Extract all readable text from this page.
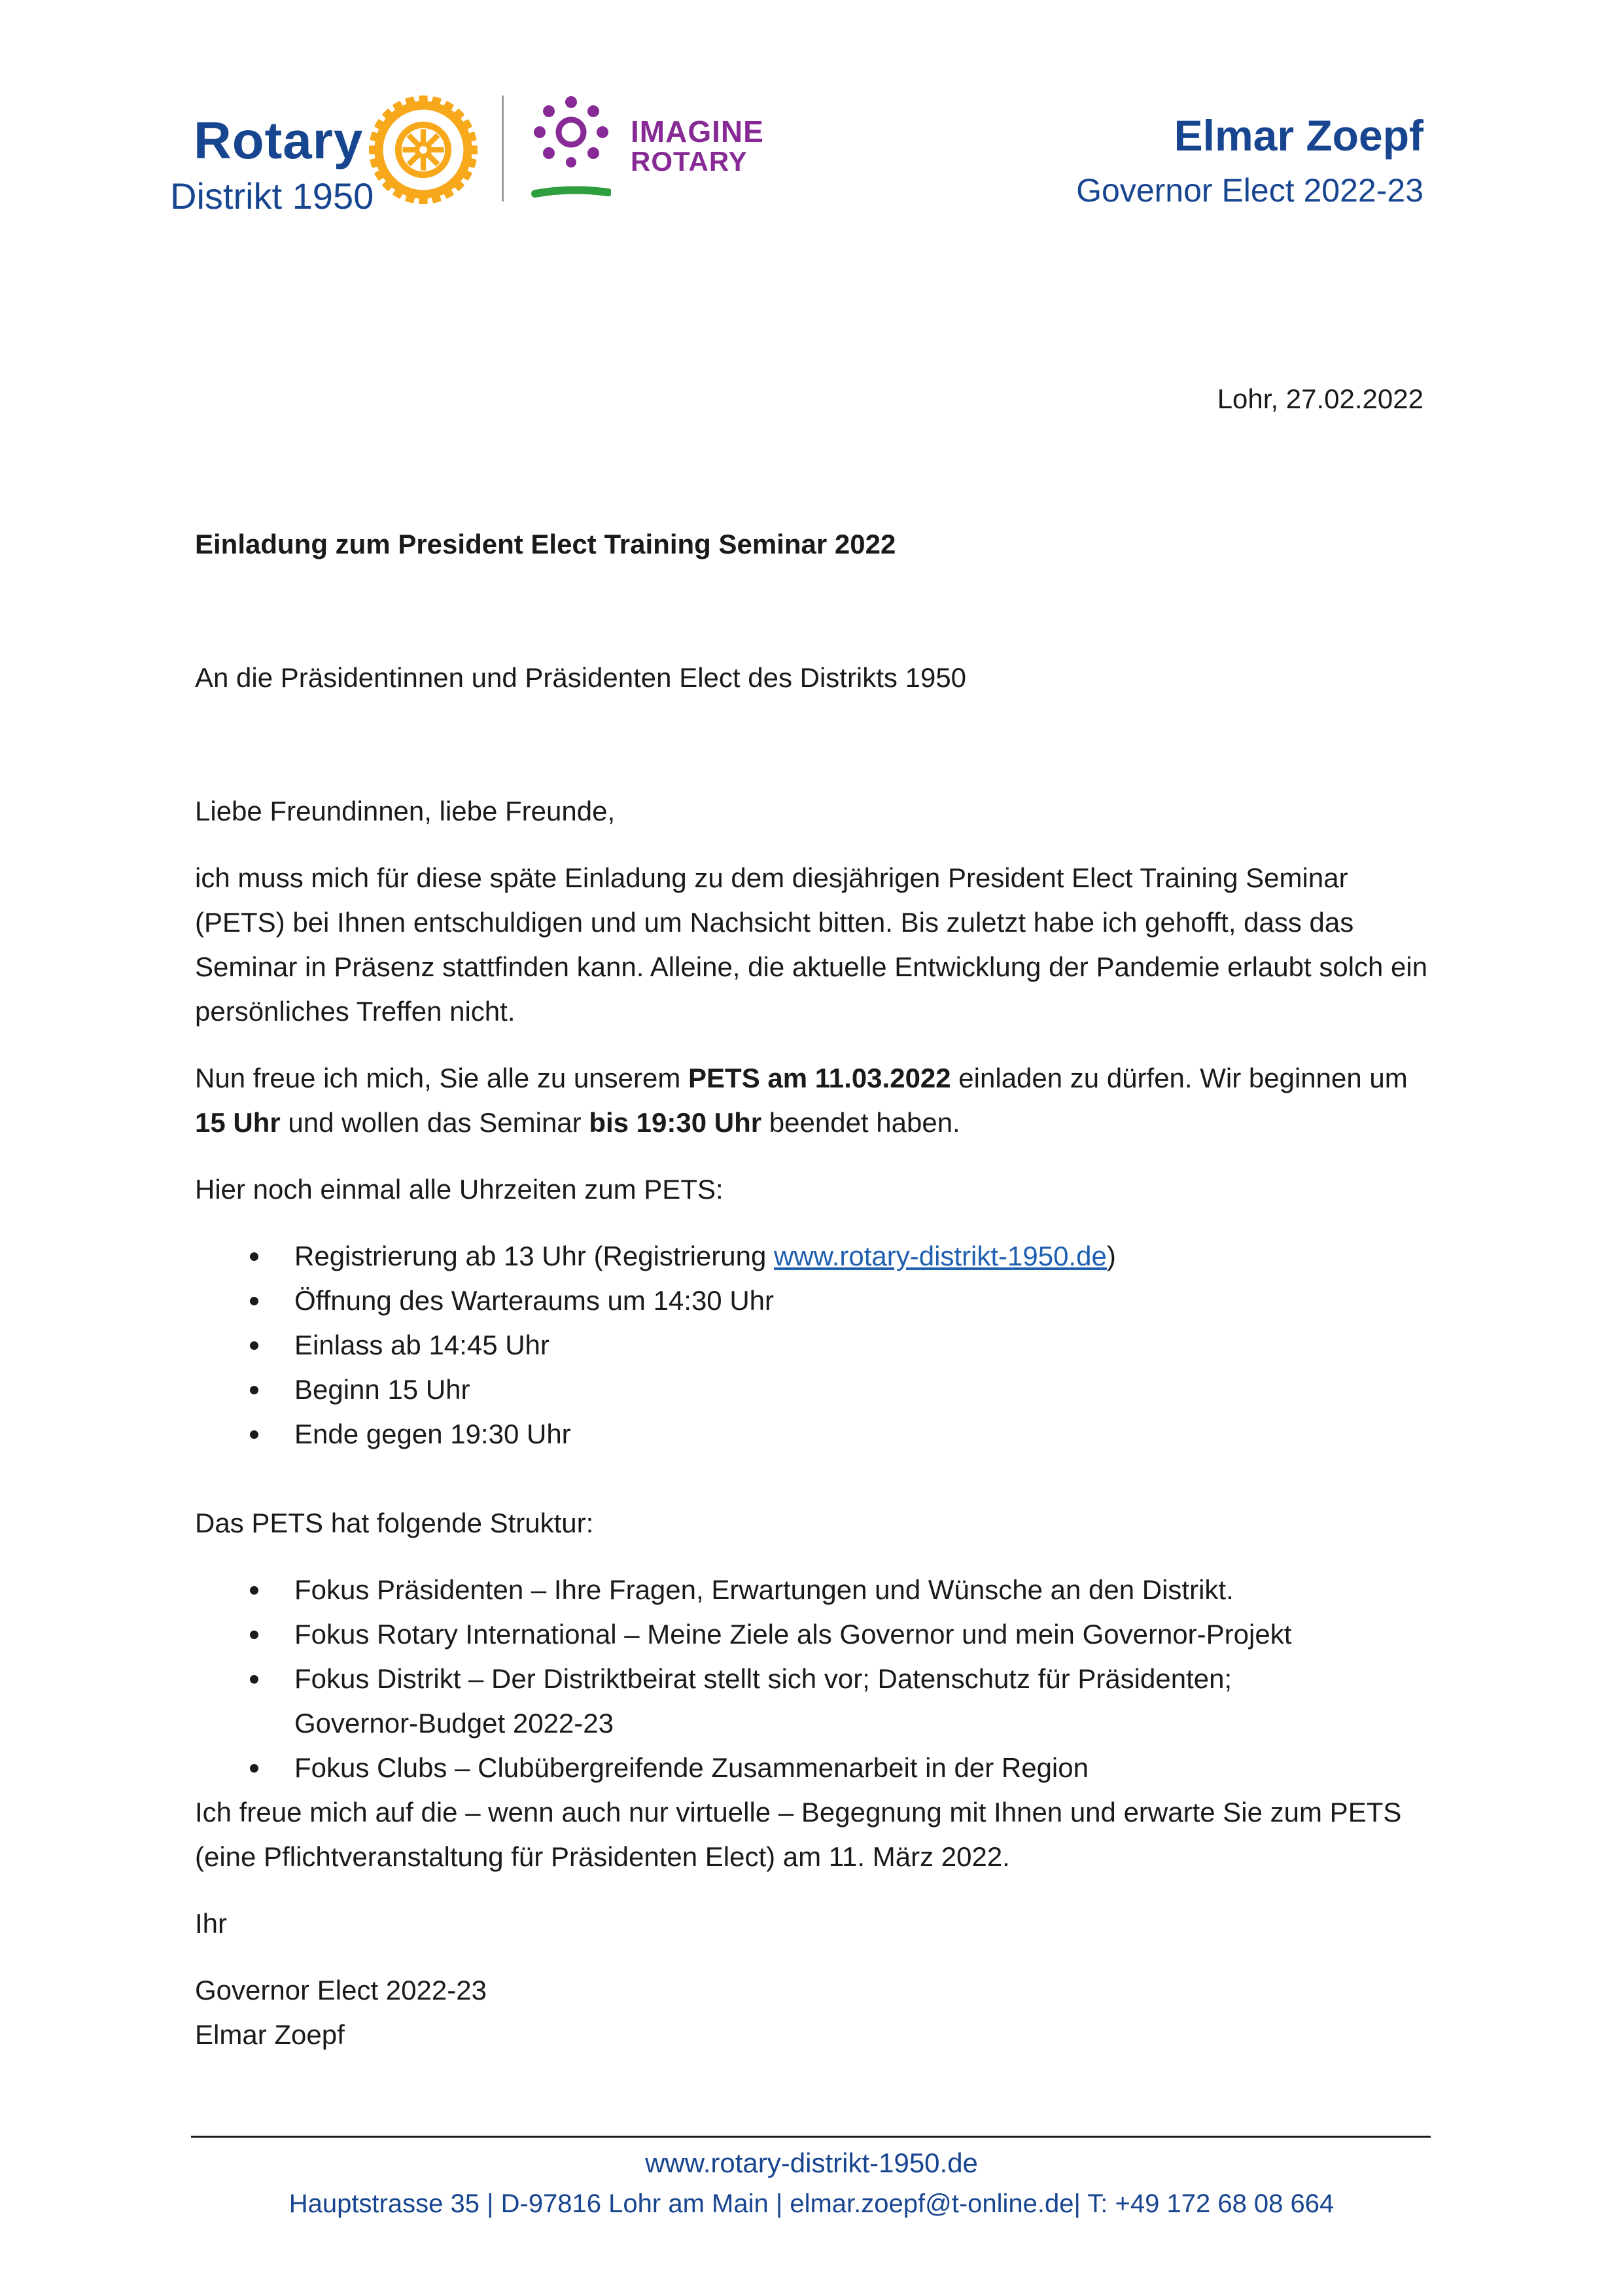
Rotary
Distrikt 1950
IMAGINE
ROTARY
Elmar Zoepf
Governor Elect 2022-23
Lohr, 27.02.2022
Einladung zum President Elect Training Seminar 2022
An die Präsidentinnen und Präsidenten Elect des Distrikts 1950
Liebe Freundinnen, liebe Freunde,
ich muss mich für diese späte Einladung zu dem diesjährigen President Elect Training Seminar (PETS) bei Ihnen entschuldigen und um Nachsicht bitten. Bis zuletzt habe ich gehofft, dass das Seminar in Präsenz stattfinden kann. Alleine, die aktuelle Entwicklung der Pandemie erlaubt solch ein persönliches Treffen nicht.
Nun freue ich mich, Sie alle zu unserem PETS am 11.03.2022 einladen zu dürfen. Wir beginnen um 15 Uhr und wollen das Seminar bis 19:30 Uhr beendet haben.
Hier noch einmal alle Uhrzeiten zum PETS:
Registrierung ab 13 Uhr (Registrierung www.rotary-distrikt-1950.de)
Öffnung des Warteraums um 14:30 Uhr
Einlass ab 14:45 Uhr
Beginn 15 Uhr
Ende gegen 19:30 Uhr
Das PETS hat folgende Struktur:
Fokus Präsidenten – Ihre Fragen, Erwartungen und Wünsche an den Distrikt.
Fokus Rotary International – Meine Ziele als Governor und mein Governor-Projekt
Fokus Distrikt – Der Distriktbeirat stellt sich vor; Datenschutz für Präsidenten; Governor-Budget 2022-23
Fokus Clubs – Clubübergreifende Zusammenarbeit in der Region
Ich freue mich auf die – wenn auch nur virtuelle – Begegnung mit Ihnen und erwarte Sie zum PETS (eine Pflichtveranstaltung für Präsidenten Elect) am 11. März 2022.
Ihr
Governor Elect 2022-23
Elmar Zoepf
www.rotary-distrikt-1950.de
Hauptstrasse 35 | D-97816 Lohr am Main | elmar.zoepf@t-online.de| T: +49 172 68 08 664
